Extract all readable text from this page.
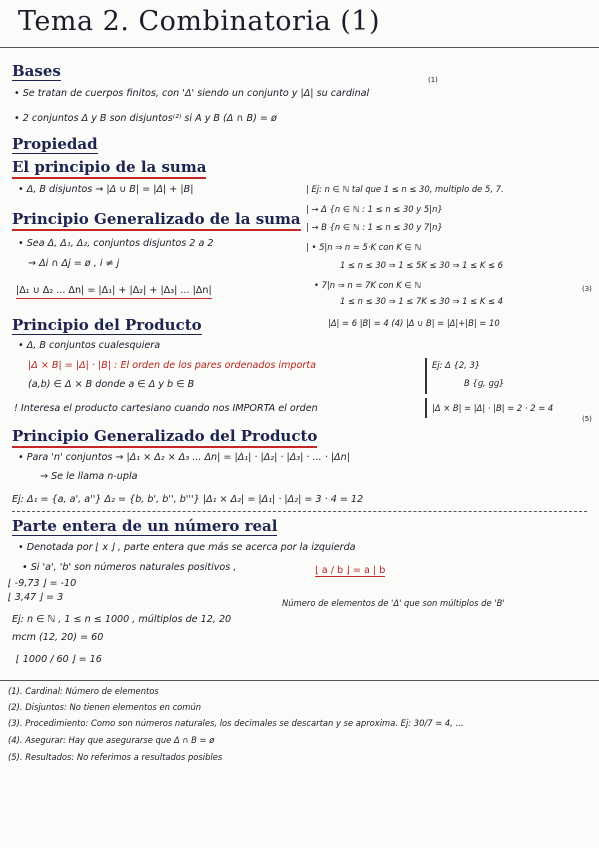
Tema 2. Combinatoria (1)
Bases
• Se tratan de cuerpos finitos, con 'Δ' siendo un conjunto y |Δ| su cardinal
(1)
• 2 conjuntos Δ y B son disjuntos⁽²⁾ si A y B (Δ ∩ B) = ø
Propiedad
El principio de la suma
• Δ, B disjuntos → |Δ ∪ B| = |Δ| + |B|	| Ej: n ∈ ℕ tal que 1 ≤ n ≤ 30, multiplo de 5, 7.
| → Δ {n ∈ ℕ : 1 ≤ n ≤ 30 y 5|n}
| → B {n ∈ ℕ : 1 ≤ n ≤ 30 y 7|n}
| • 5|n ⇒ n = 5·K con K ∈ ℕ
1 ≤ n ≤ 30 ⇒ 1 ≤ 5K ≤ 30 ⇒ 1 ≤ K ≤ 6
• 7|n ⇒ n = 7K con K ∈ ℕ
1 ≤ n ≤ 30 ⇒ 1 ≤ 7K ≤ 30 ⇒ 1 ≤ K ≤ 4
(3)
|Δ| = 6 |B| = 4 (4) |Δ ∪ B| = |Δ|+|B| = 10
Principio Generalizado de la suma
• Sea Δ, Δ₁, Δ₂, conjuntos disjuntos 2 a 2
→ Δi ∩ Δj = ø , i ≠ j
|Δ₁ ∪ Δ₂ ... Δn| = |Δ₁| + |Δ₂| + |Δ₃| ... |Δn|
Principio del Producto
• Δ, B conjuntos cualesquiera
|Δ × B| = |Δ| · |B| : El orden de los pares ordenados importa
(a,b) ∈ Δ × B donde a ∈ Δ y b ∈ B
! Interesa el producto cartesiano cuando nos IMPORTA el orden
Ej: Δ {2, 3}
B {ɡ, ɡɡ}
|Δ × B| = |Δ| · |B| = 2 · 2 = 4
(5)
Principio Generalizado del Producto
• Para 'n' conjuntos → |Δ₁ × Δ₂ × Δ₃ ... Δn| = |Δ₁| · |Δ₂| · |Δ₃| · ... · |Δn|
→ Se le llama n-upla
Ej: Δ₁ = {a, a', a''} Δ₂ = {b, b', b'', b'''} |Δ₁ × Δ₂| = |Δ₁| · |Δ₂| = 3 · 4 = 12
Parte entera de un número real
• Denotada por ⌊ x ⌋ , parte entera que más se acerca por la izquierda
• Si 'a', 'b' son números naturales positivos ,	⌊ a / b ⌋ = a | b
⌊ -9,73 ⌋ = -10
⌊ 3,47 ⌋ = 3	Número de elementos de 'Δ' que son múltiplos de 'B'
Ej: n ∈ ℕ , 1 ≤ n ≤ 1000 , múltiplos de 12, 20
mcm (12, 20) = 60
⌊ 1000 / 60 ⌋ = 16
(1). Cardinal: Número de elementos
(2). Disjuntos: No tienen elementos en común
(3). Procedimiento: Como son números naturales, los decimales se descartan y se aproxima. Ej: 30/7 = 4, ...
(4). Asegurar: Hay que asegurarse que Δ ∩ B = ø
(5). Resultados: No referimos a resultados posibles
